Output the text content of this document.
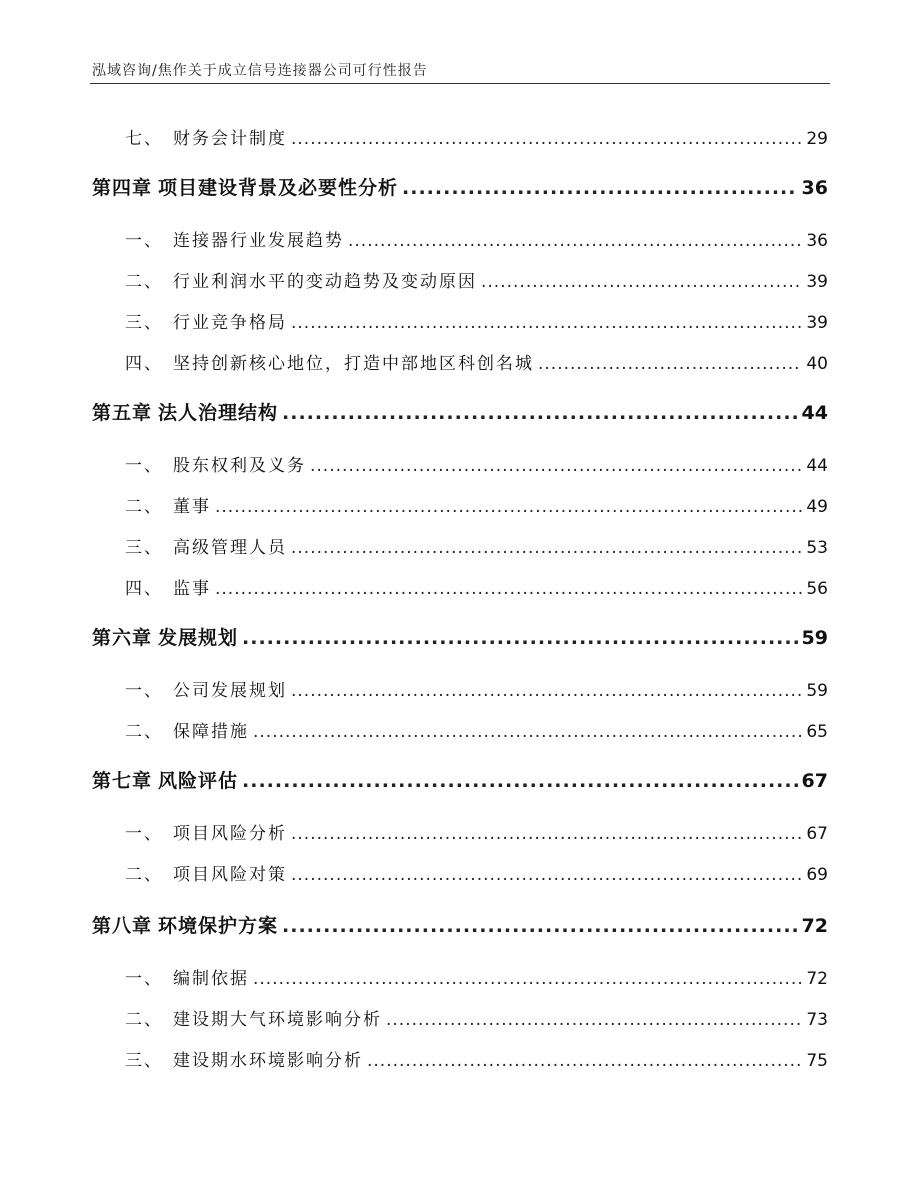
泓域咨询/焦作关于成立信号连接器公司可行性报告
七、 财务会计制度 .....	29
第四章 项目建设背景及必要性分析 .....	36
一、 连接器行业发展趋势 .....	36
二、 行业利润水平的变动趋势及变动原因 .....	39
三、 行业竞争格局 .....	39
四、 坚持创新核心地位，打造中部地区科创名城 .....	40
第五章 法人治理结构 .....	44
一、 股东权利及义务 .....	44
二、 董事 .....	49
三、 高级管理人员 .....	53
四、 监事 .....	56
第六章 发展规划 .....	59
一、 公司发展规划 .....	59
二、 保障措施 .....	65
第七章 风险评估 .....	67
一、 项目风险分析 .....	67
二、 项目风险对策 .....	69
第八章 环境保护方案 .....	72
一、 编制依据 .....	72
二、 建设期大气环境影响分析 .....	73
三、 建设期水环境影响分析 .....	75
